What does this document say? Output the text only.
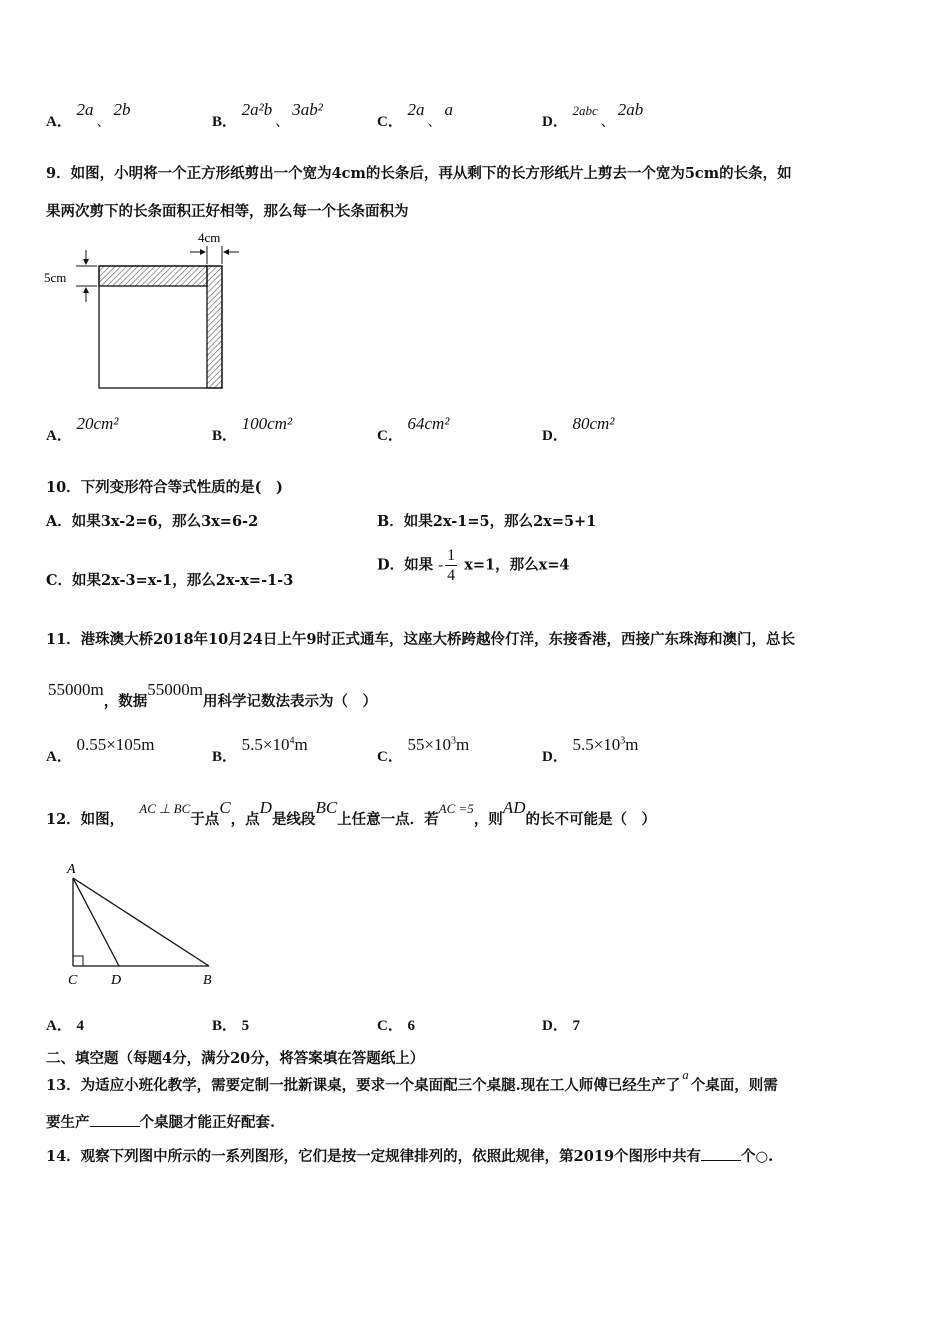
A． 2a、2b
B． 2a²b、3ab²
C． 2a、a
D． 2abc、2ab
9．如图，小明将一个正方形纸剪出一个宽为4cm的长条后，再从剩下的长方形纸片上剪去一个宽为5cm的长条，如
果两次剪下的长条面积正好相等，那么每一个长条面积为
4cm
5cm
A． 20cm²
B． 100cm²
C． 64cm²
D． 80cm²
10．下列变形符合等式性质的是(　)
A．如果3x-2=6，那么3x=6-2	B．如果2x-1=5，那么2x=5+1
C．如果2x-3=x-1，那么2x-x=-1-3
D．如果 - $\frac{1}{4} x=1$，那么x=4
11．港珠澳大桥2018年10月24日上午9时正式通车，这座大桥跨越伶仃洋，东接香港，西接广东珠海和澳门，总长
55000m，数据55000m用科学记数法表示为（　）
A． 0.55×105m
B． $5.5\times 10^4m$
C． $55\times 10^3m$
D． $5.5\times 10^3m$
12．如图， AC ⊥ BC于点C，点D是线段BC上任意一点．若AC =5，则AD的长不可能是（　）
A
C D	B
A． 4	B． 5	C． 6	D． 7
二、填空题（每题4分，满分20分，将答案填在答题纸上）
13．为适应小班化教学，需要定制一批新课桌，要求一个桌面配三个桌腿.现在工人师傅已经生产了a个桌面，则需
要生产	个桌腿才能正好配套.
14．观察下列图中所示的一系列图形，它们是按一定规律排列的，依照此规律，第2019个图形中共有	个○.
